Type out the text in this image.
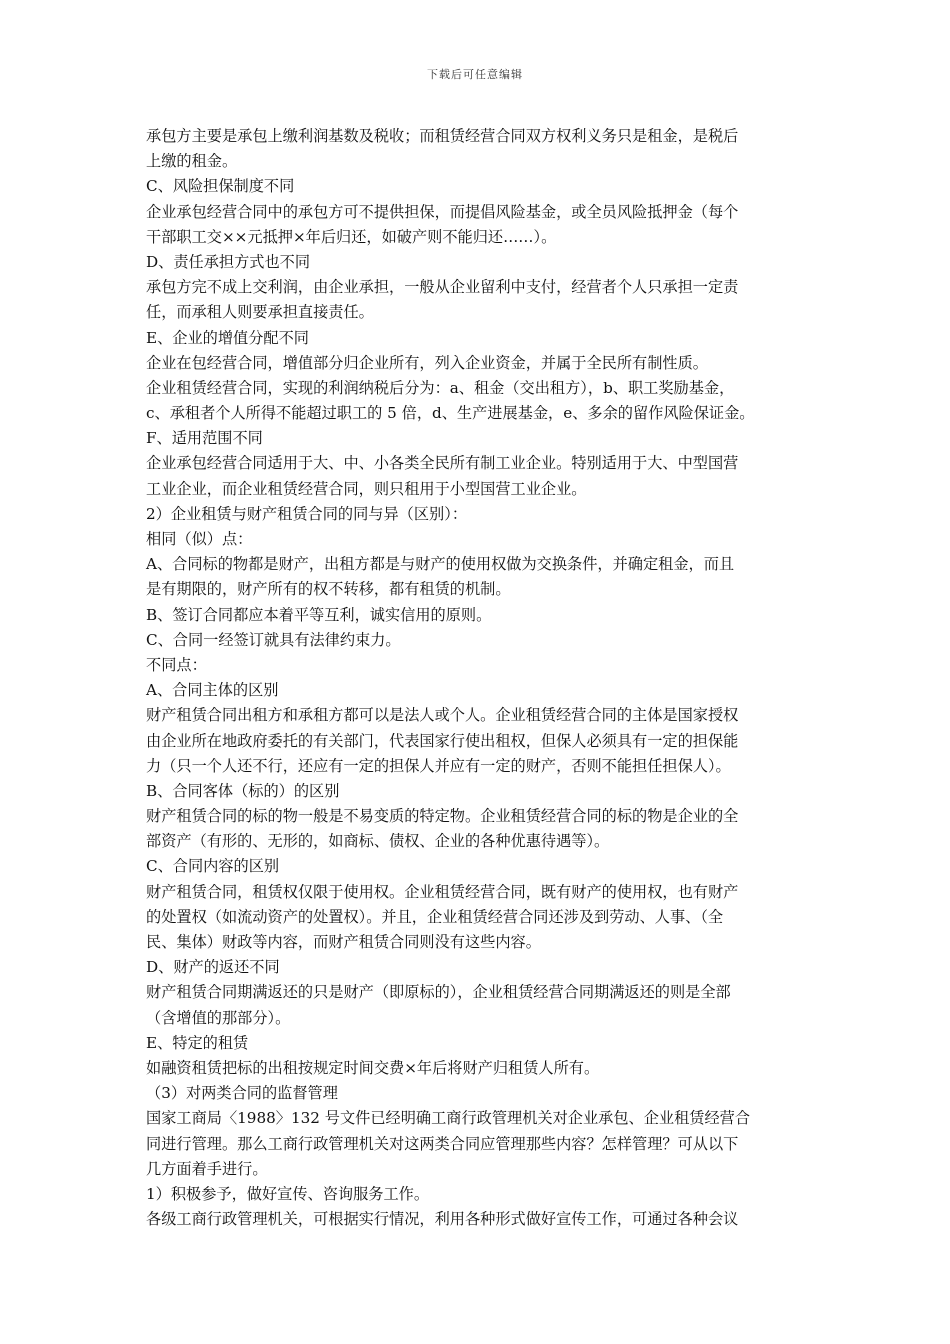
下载后可任意编辑
承包方主要是承包上缴利润基数及税收；而租赁经营合同双方权利义务只是租金，是税后
上缴的租金。
C、风险担保制度不同
企业承包经营合同中的承包方可不提供担保，而提倡风险基金，或全员风险抵押金（每个
干部职工交××元抵押×年后归还，如破产则不能归还……）。
D、责任承担方式也不同
承包方完不成上交利润，由企业承担，一般从企业留利中支付，经营者个人只承担一定责
任，而承租人则要承担直接责任。
E、企业的增值分配不同
企业在包经营合同，增值部分归企业所有，列入企业资金，并属于全民所有制性质。
企业租赁经营合同，实现的利润纳税后分为：a、租金（交出租方），b、职工奖励基金，
c、承租者个人所得不能超过职工的 5 倍，d、生产进展基金，e、多余的留作风险保证金。
F、适用范围不同
企业承包经营合同适用于大、中、小各类全民所有制工业企业。特别适用于大、中型国营
工业企业，而企业租赁经营合同，则只租用于小型国营工业企业。
2）企业租赁与财产租赁合同的同与异（区别）：
相同（似）点：
A、合同标的物都是财产，出租方都是与财产的使用权做为交换条件，并确定租金，而且
是有期限的，财产所有的权不转移，都有租赁的机制。
B、签订合同都应本着平等互利，诚实信用的原则。
C、合同一经签订就具有法律约束力。
不同点：
A、合同主体的区别
财产租赁合同出租方和承租方都可以是法人或个人。企业租赁经营合同的主体是国家授权
由企业所在地政府委托的有关部门，代表国家行使出租权，但保人必须具有一定的担保能
力（只一个人还不行，还应有一定的担保人并应有一定的财产，否则不能担任担保人）。
B、合同客体（标的）的区别
财产租赁合同的标的物一般是不易变质的特定物。企业租赁经营合同的标的物是企业的全
部资产（有形的、无形的，如商标、债权、企业的各种优惠待遇等）。
C、合同内容的区别
财产租赁合同，租赁权仅限于使用权。企业租赁经营合同，既有财产的使用权，也有财产
的处置权（如流动资产的处置权）。并且，企业租赁经营合同还涉及到劳动、人事、（全
民、集体）财政等内容，而财产租赁合同则没有这些内容。
D、财产的返还不同
财产租赁合同期满返还的只是财产（即原标的），企业租赁经营合同期满返还的则是全部
（含增值的那部分）。
E、特定的租赁
如融资租赁把标的出租按规定时间交费×年后将财产归租赁人所有。
（3）对两类合同的监督管理
国家工商局〈1988〉132 号文件已经明确工商行政管理机关对企业承包、企业租赁经营合
同进行管理。那么工商行政管理机关对这两类合同应管理那些内容？怎样管理？可从以下
几方面着手进行。
1）积极参予，做好宣传、咨询服务工作。
各级工商行政管理机关，可根据实行情况，利用各种形式做好宣传工作，可通过各种会议
